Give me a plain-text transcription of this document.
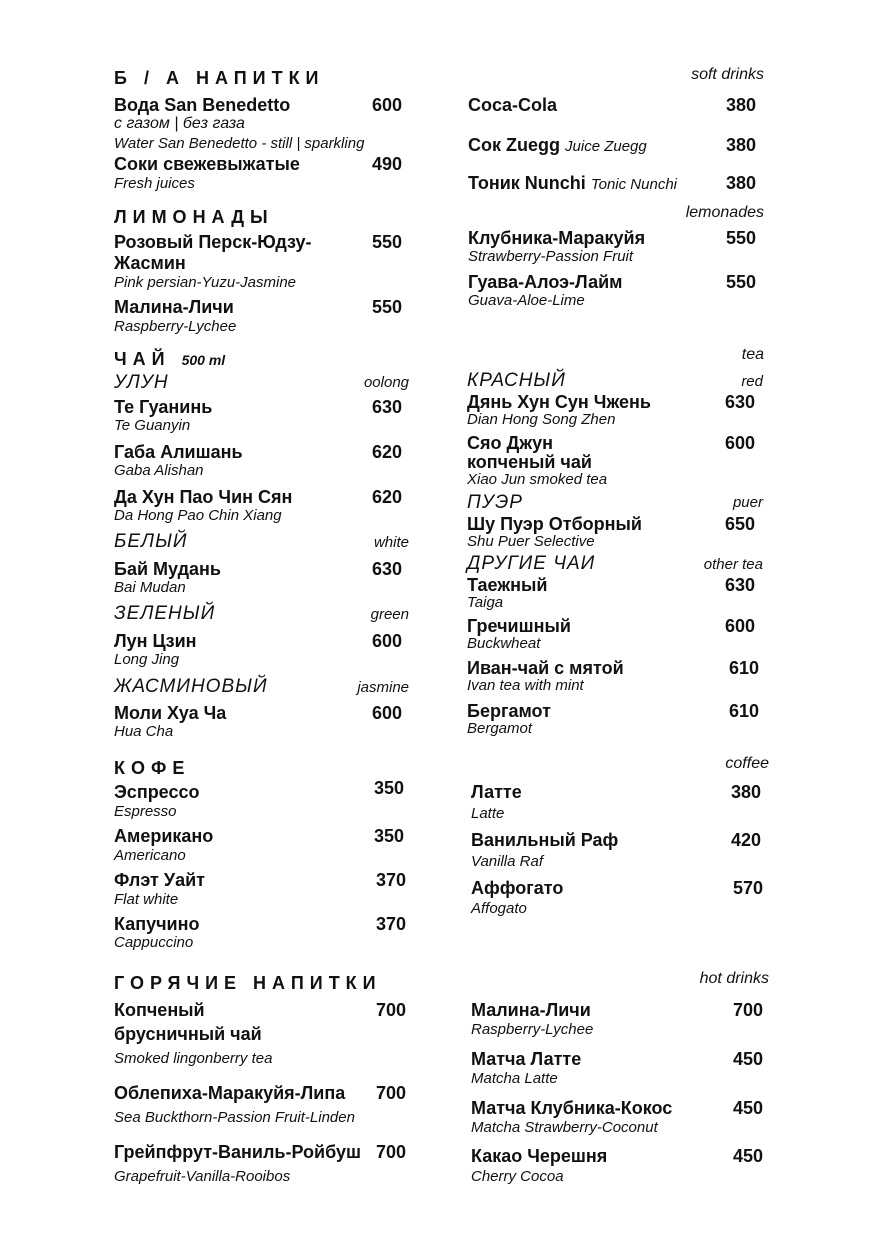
Б / А НАПИТКИ	soft drinks
Вода San Benedetto	600
с газом | без газа
Water San Benedetto - still | sparkling
Соки свежевыжатые	490
Fresh juices
Coca-Cola	380
Сок Zuegg Juice Zuegg	380
Тоник Nunchi Tonic Nunchi	380
ЛИМОНАДЫ	lemonades
Розовый Перск-Юдзу-
Жасмин
550
Pink persian-Yuzu-Jasmine
Малина-Личи	550
Raspberry-Lychee
Клубника-Маракуйя	550
Strawberry-Passion Fruit
Гуава-Алоэ-Лайм	550
Guava-Aloe-Lime
ЧАЙ 500 ml	tea
УЛУН	oolong
Те Гуанинь	630
Te Guanyin
Габа Алишань	620
Gaba Alishan
Да Хун Пао Чин Сян	620
Da Hong Pao Chin Xiang
БЕЛЫЙ	white
Бай Мудань	630
Bai Mudan
ЗЕЛЕНЫЙ	green
Лун Цзин	600
Long Jing
ЖАСМИНОВЫЙ	jasmine
Моли Хуа Ча	600
Hua Cha
КРАСНЫЙ	red
Дянь Хун Сун Чжень	630
Dian Hong Song Zhen
Сяо Джун
копченый чай
600
Xiao Jun smoked tea
ПУЭР	puer
Шу Пуэр Отборный	650
Shu Puer Selective
ДРУГИЕ ЧАИ	other tea
Таежный	630
Taiga
Гречишный	600
Buckwheat
Иван-чай с мятой	610
Ivan tea with mint
Бергамот	610
Bergamot
КОФЕ	coffee
Эспрессо	350
Espresso
Американо	350
Americano
Флэт Уайт	370
Flat white
Капучино	370
Cappuccino
Латте	380
Latte
Ванильный Раф	420
Vanilla Raf
Аффогато	570
Affogato
ГОРЯЧИЕ НАПИТКИ	hot drinks
Копченый
брусничный чай
700
Smoked lingonberry tea
Облепиха-Маракуйя-Липа 700
Sea Buckthorn-Passion Fruit-Linden
Грейпфрут-Ваниль-Ройбуш 700
Grapefruit-Vanilla-Rooibos
Малина-Личи	700
Raspberry-Lychee
Матча Латте	450
Matcha Latte
Матча Клубника-Кокос	450
Matcha Strawberry-Coconut
Какао Черешня	450
Cherry Cocoa
